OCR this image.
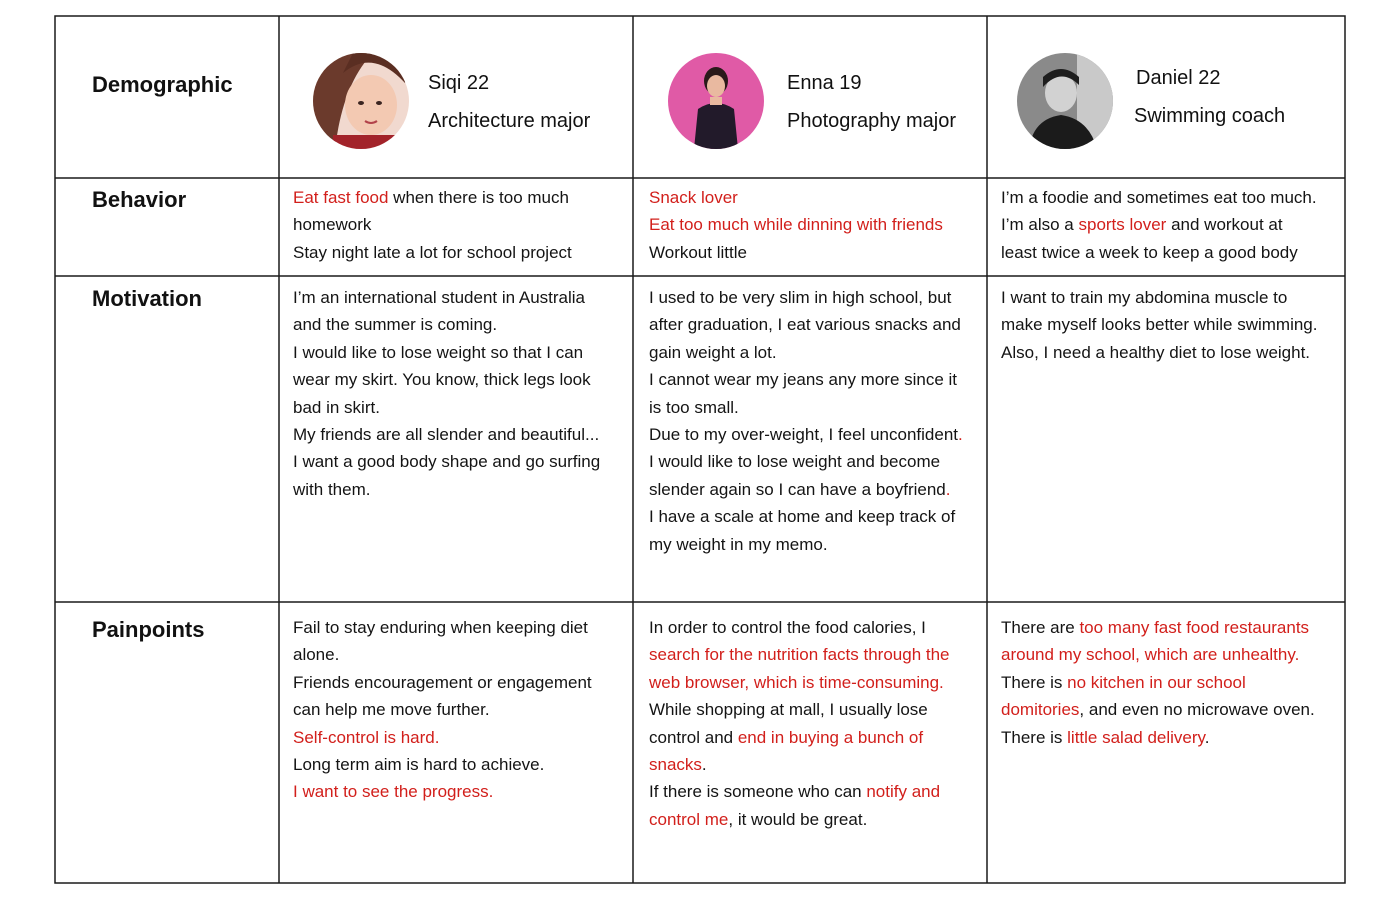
Demographic
Behavior
Motivation
Painpoints
Siqi 22
Architecture major
Enna 19
Photography major
Daniel 22
Swimming coach

Eat fast food when there is too much

homework

Stay night late a lot for school project

Snack lover

Eat too much while dinning with friends

Workout little

I’m a foodie and sometimes eat too much.

I’m also a sports lover and workout at

least twice a week to keep a good body

I’m an international student in Australia

and the summer is coming.

I would like to lose weight so that I can

wear my skirt. You know, thick legs look

bad in skirt.

My friends are all slender and beautiful...

I want a good body shape and go surfing

with them.

I used to be very slim in high school, but

after graduation, I eat various snacks and

gain weight a lot.

I cannot wear my jeans any more since it

is too small.

Due to my over-weight, I feel unconfident.

I would like to lose weight and become

slender again so I can have a boyfriend.

I have a scale at home and keep track of

my weight in my memo.

I want to train my abdomina muscle to

make myself looks better while swimming.

Also, I need a healthy diet to lose weight.

Fail to stay enduring when keeping diet

alone.

Friends encouragement or engagement

can help me move further.

Self-control is hard.

Long term aim is hard to achieve.

I want to see the progress.

In order to control the food calories, I

search for the nutrition facts through the

web browser, which is time-consuming.

While shopping at mall, I usually lose

control and end in buying a bunch of

snacks.

If there is someone who can notify and

control me, it would be great.

There are too many fast food restaurants

around my school, which are unhealthy.

There is no kitchen in our school

domitories, and even no microwave oven.

There is little salad delivery.
